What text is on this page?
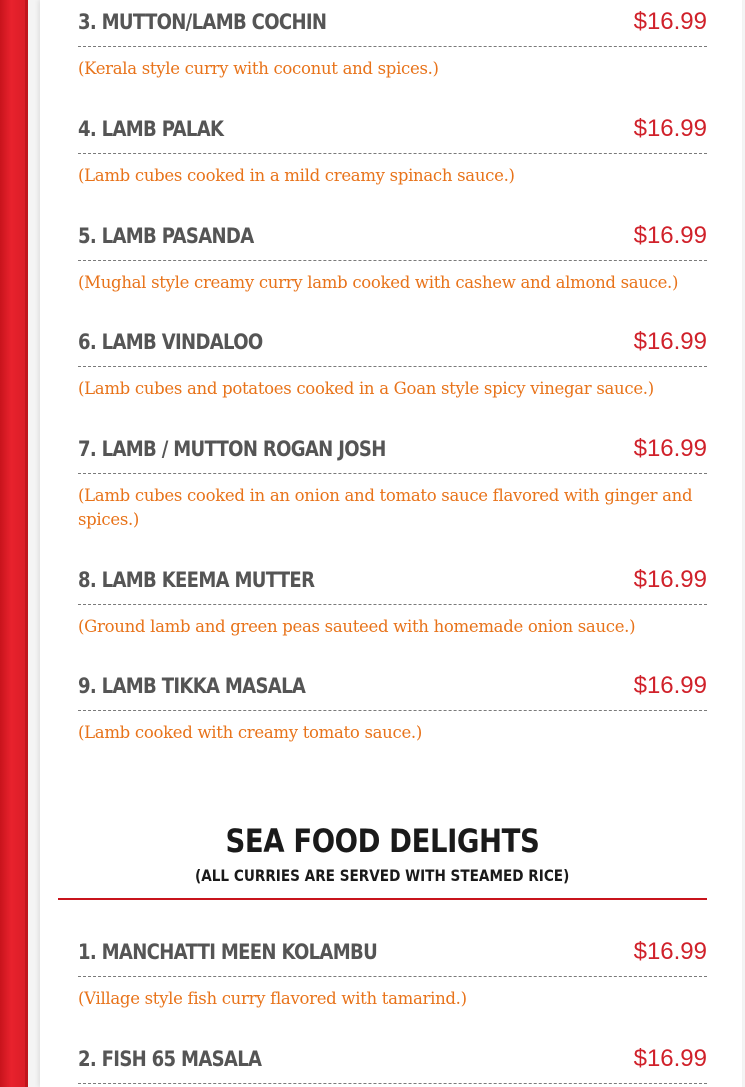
3. MUTTON/LAMB COCHIN	$16.99
(Kerala style curry with coconut and spices.)
4. LAMB PALAK	$16.99
(Lamb cubes cooked in a mild creamy spinach sauce.)
5. LAMB PASANDA	$16.99
(Mughal style creamy curry lamb cooked with cashew and almond sauce.)
6. LAMB VINDALOO	$16.99
(Lamb cubes and potatoes cooked in a Goan style spicy vinegar sauce.)
7. LAMB / MUTTON ROGAN JOSH	$16.99
(Lamb cubes cooked in an onion and tomato sauce flavored with ginger and spices.)
8. LAMB KEEMA MUTTER	$16.99
(Ground lamb and green peas sauteed with homemade onion sauce.)
9. LAMB TIKKA MASALA	$16.99
(Lamb cooked with creamy tomato sauce.)
SEA FOOD DELIGHTS
(ALL CURRIES ARE SERVED WITH STEAMED RICE)
1. MANCHATTI MEEN KOLAMBU	$16.99
(Village style fish curry flavored with tamarind.)
2. FISH 65 MASALA	$16.99
